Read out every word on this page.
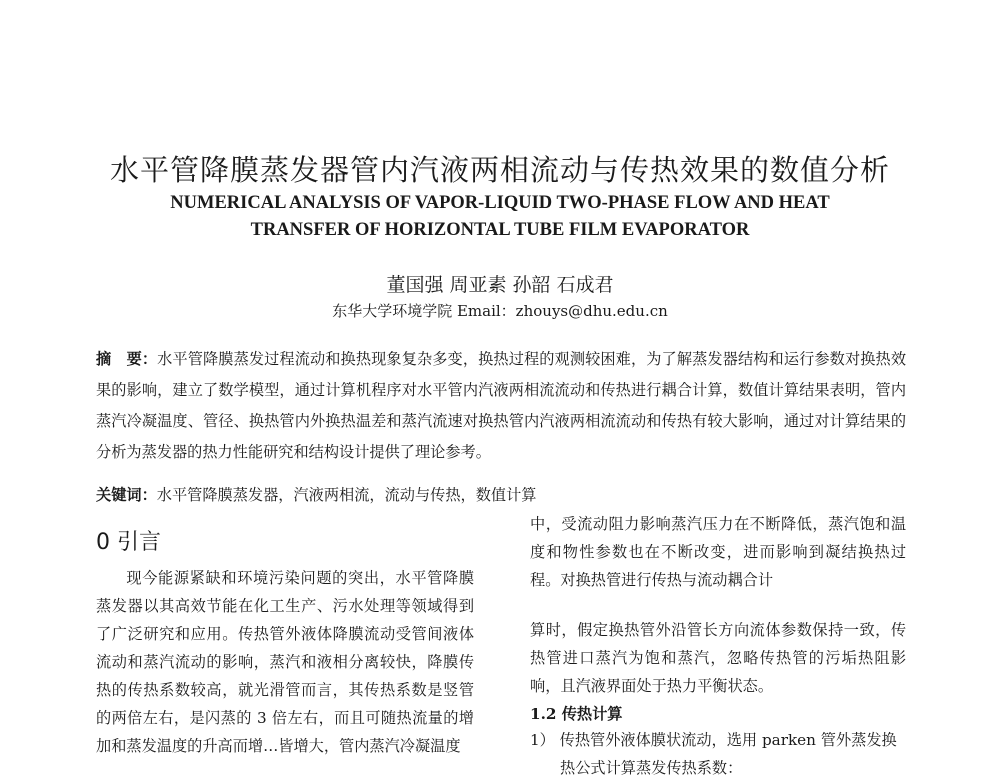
水平管降膜蒸发器管内汽液两相流动与传热效果的数值分析
NUMERICAL ANALYSIS OF VAPOR-LIQUID TWO-PHASE FLOW AND HEAT
TRANSFER OF HORIZONTAL TUBE FILM EVAPORATOR
董国强 周亚素 孙韶 石成君
东华大学环境学院 Email：zhouys@dhu.edu.cn
摘　要：水平管降膜蒸发过程流动和换热现象复杂多变，换热过程的观测较困难，为了解蒸发器结构和运行参数对换热效果的影响，建立了数学模型，通过计算机程序对水平管内汽液两相流流动和传热进行耦合计算，数值计算结果表明，管内蒸汽冷凝温度、管径、换热管内外换热温差和蒸汽流速对换热管内汽液两相流流动和传热有较大影响，通过对计算结果的分析为蒸发器的热力性能研究和结构设计提供了理论参考。
关键词：水平管降膜蒸发器，汽液两相流，流动与传热，数值计算
0 引言

现今能源紧缺和环境污染问题的突出，水平管降膜蒸发器以其高效节能在化工生产、污水处理等领域得到了广泛研究和应用。传热管外液体降膜流动受管间液体流动和蒸汽流动的影响，蒸汽和液相分离较快，降膜传热的传热系数较高，就光滑管而言，其传热系数是竖管的两倍左右，是闪蒸的 3 倍左右，而且可随热流量的增加和蒸发温度的升高而增…皆增大，管内蒸汽冷凝温度

中，受流动阻力影响蒸汽压力在不断降低，蒸汽饱和温度和物性参数也在不断改变，进而影响到凝结换热过程。对换热管进行传热与流动耦合计

算时，假定换热管外沿管长方向流体参数保持一致，传热管进口蒸汽为饱和蒸汽，忽略传热管的污垢热阻影响，且汽液界面处于热力平衡状态。

1.2 传热计算

1） 传热管外液体膜状流动，选用 parken 管外蒸发换热公式计算蒸发传热系数：
